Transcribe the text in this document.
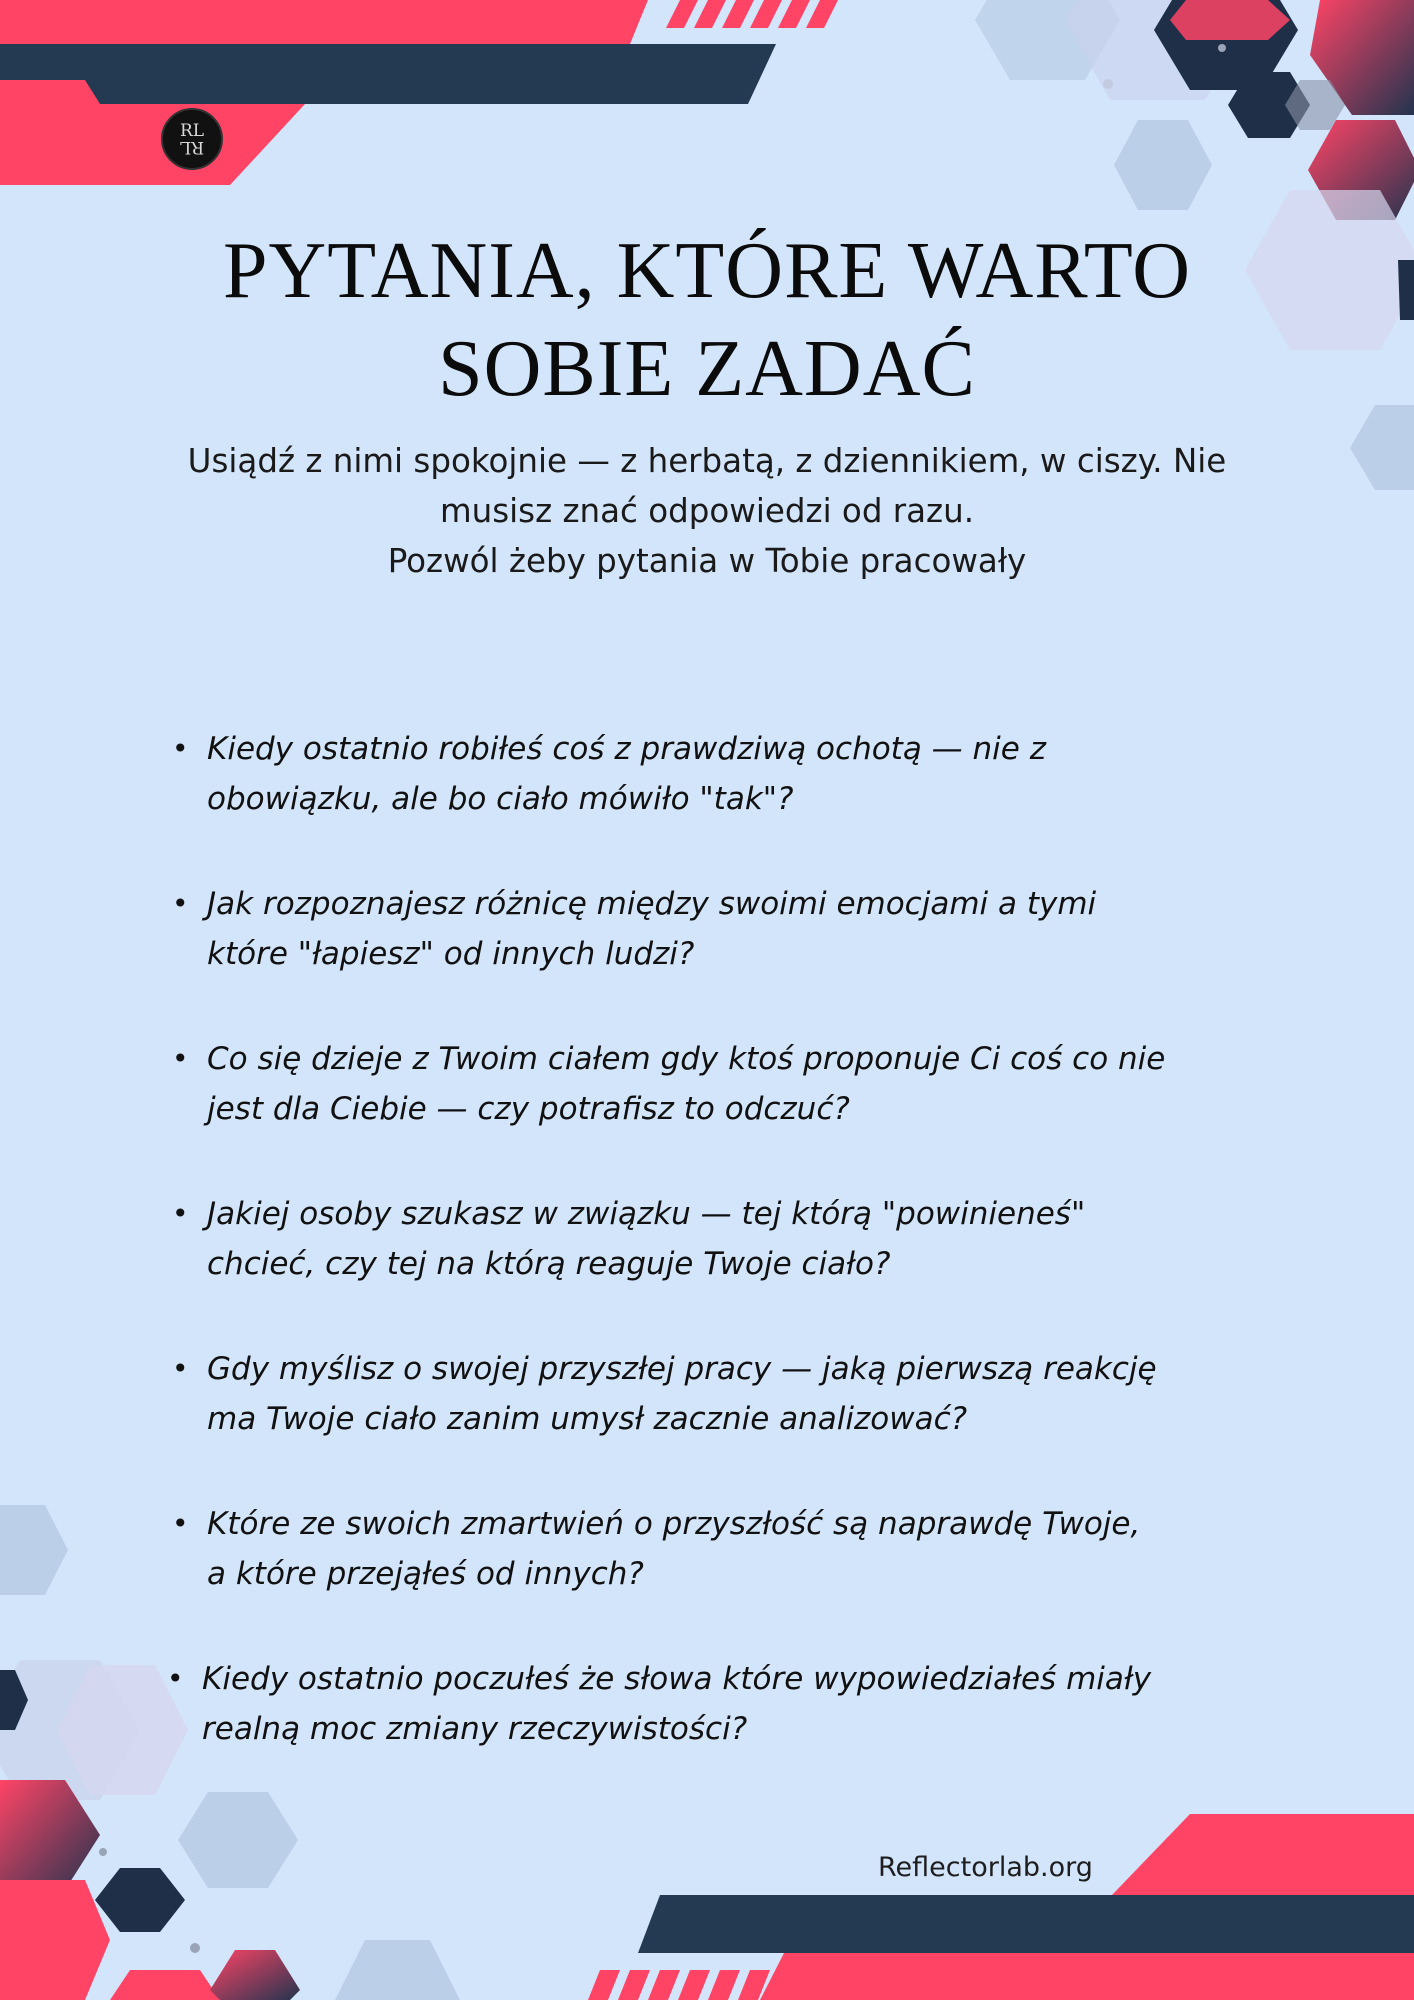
RL
RL
PYTANIA, KTÓRE WARTO
SOBIE ZADAĆ

Usiądź z nimi spokojnie — z herbatą, z dziennikiem, w ciszy. Nie
musisz znać odpowiedzi od razu.
Pozwól żeby pytania w Tobie pracowały

• Kiedy ostatnio robiłeś coś z prawdziwą ochotą — nie z
obowiązku, ale bo ciało mówiło "tak"?
• Jak rozpoznajesz różnicę między swoimi emocjami a tymi
które "łapiesz" od innych ludzi?
• Co się dzieje z Twoim ciałem gdy ktoś proponuje Ci coś co nie
jest dla Ciebie — czy potrafisz to odczuć?
• Jakiej osoby szukasz w związku — tej którą "powinieneś"
chcieć, czy tej na którą reaguje Twoje ciało?
• Gdy myślisz o swojej przyszłej pracy — jaką pierwszą reakcję
ma Twoje ciało zanim umysł zacznie analizować?
• Które ze swoich zmartwień o przyszłość są naprawdę Twoje,
a które przejąłeś od innych?
• Kiedy ostatnio poczułeś że słowa które wypowiedziałeś miały
realną moc zmiany rzeczywistości?
Reflectorlab.org
